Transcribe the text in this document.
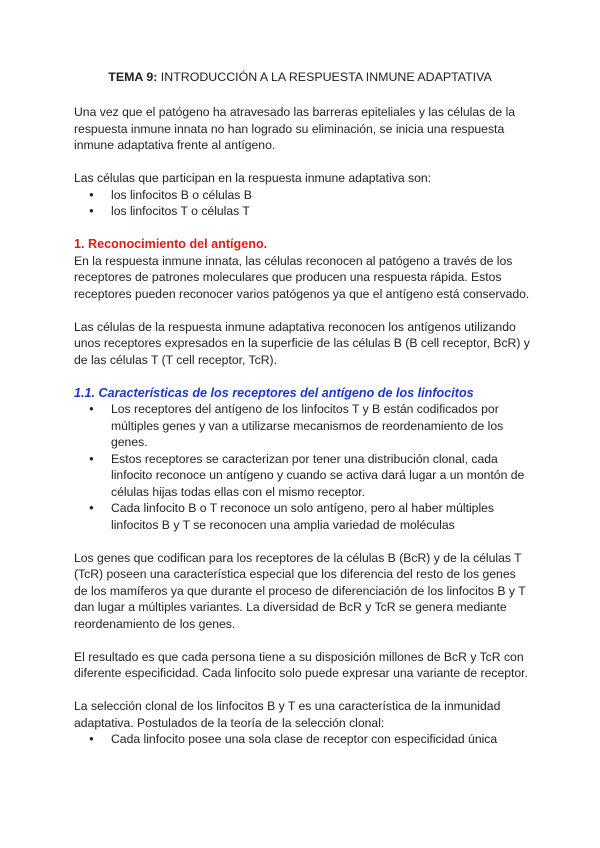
TEMA 9: INTRODUCCIÓN A LA RESPUESTA INMUNE ADAPTATIVA

Una vez que el patógeno ha atravesado las barreras epiteliales y las células de la

respuesta inmune innata no han logrado su eliminación, se inicia una respuesta

inmune adaptativa frente al antígeno.

Las células que participan en la respuesta inmune adaptativa son:

● los linfocitos B o células B
● los linfocitos T o células T

1. Reconocimiento del antígeno.

En la respuesta inmune innata, las células reconocen al patógeno a través de los

receptores de patrones moleculares que producen una respuesta rápida. Estos

receptores pueden reconocer varios patógenos ya que el antígeno está conservado.

Las células de la respuesta inmune adaptativa reconocen los antígenos utilizando

unos receptores expresados en la superficie de las células B (B cell receptor, BcR) y

de las células T (T cell receptor, TcR).

1.1. Características de los receptores del antígeno de los linfocitos

● Los receptores del antígeno de los linfocitos T y B están codificados por
múltiples genes y van a utilizarse mecanismos de reordenamiento de los
genes.
● Estos receptores se caracterizan por tener una distribución clonal, cada
linfocito reconoce un antígeno y cuando se activa dará lugar a un montón de
células hijas todas ellas con el mismo receptor.
● Cada linfocito B o T reconoce un solo antígeno, pero al haber múltiples
linfocitos B y T se reconocen una amplia variedad de moléculas

Los genes que codifican para los receptores de la células B (BcR) y de la células T

(TcR) poseen una característica especial que los diferencia del resto de los genes

de los mamíferos ya que durante el proceso de diferenciación de los linfocitos B y T

dan lugar a múltiples variantes. La diversidad de BcR y TcR se genera mediante

reordenamiento de los genes.

El resultado es que cada persona tiene a su disposición millones de BcR y TcR con

diferente especificidad. Cada linfocito solo puede expresar una variante de receptor.

La selección clonal de los linfocitos B y T es una característica de la inmunidad

adaptativa. Postulados de la teoría de la selección clonal:

● Cada linfocito posee una sola clase de receptor con especificidad única
